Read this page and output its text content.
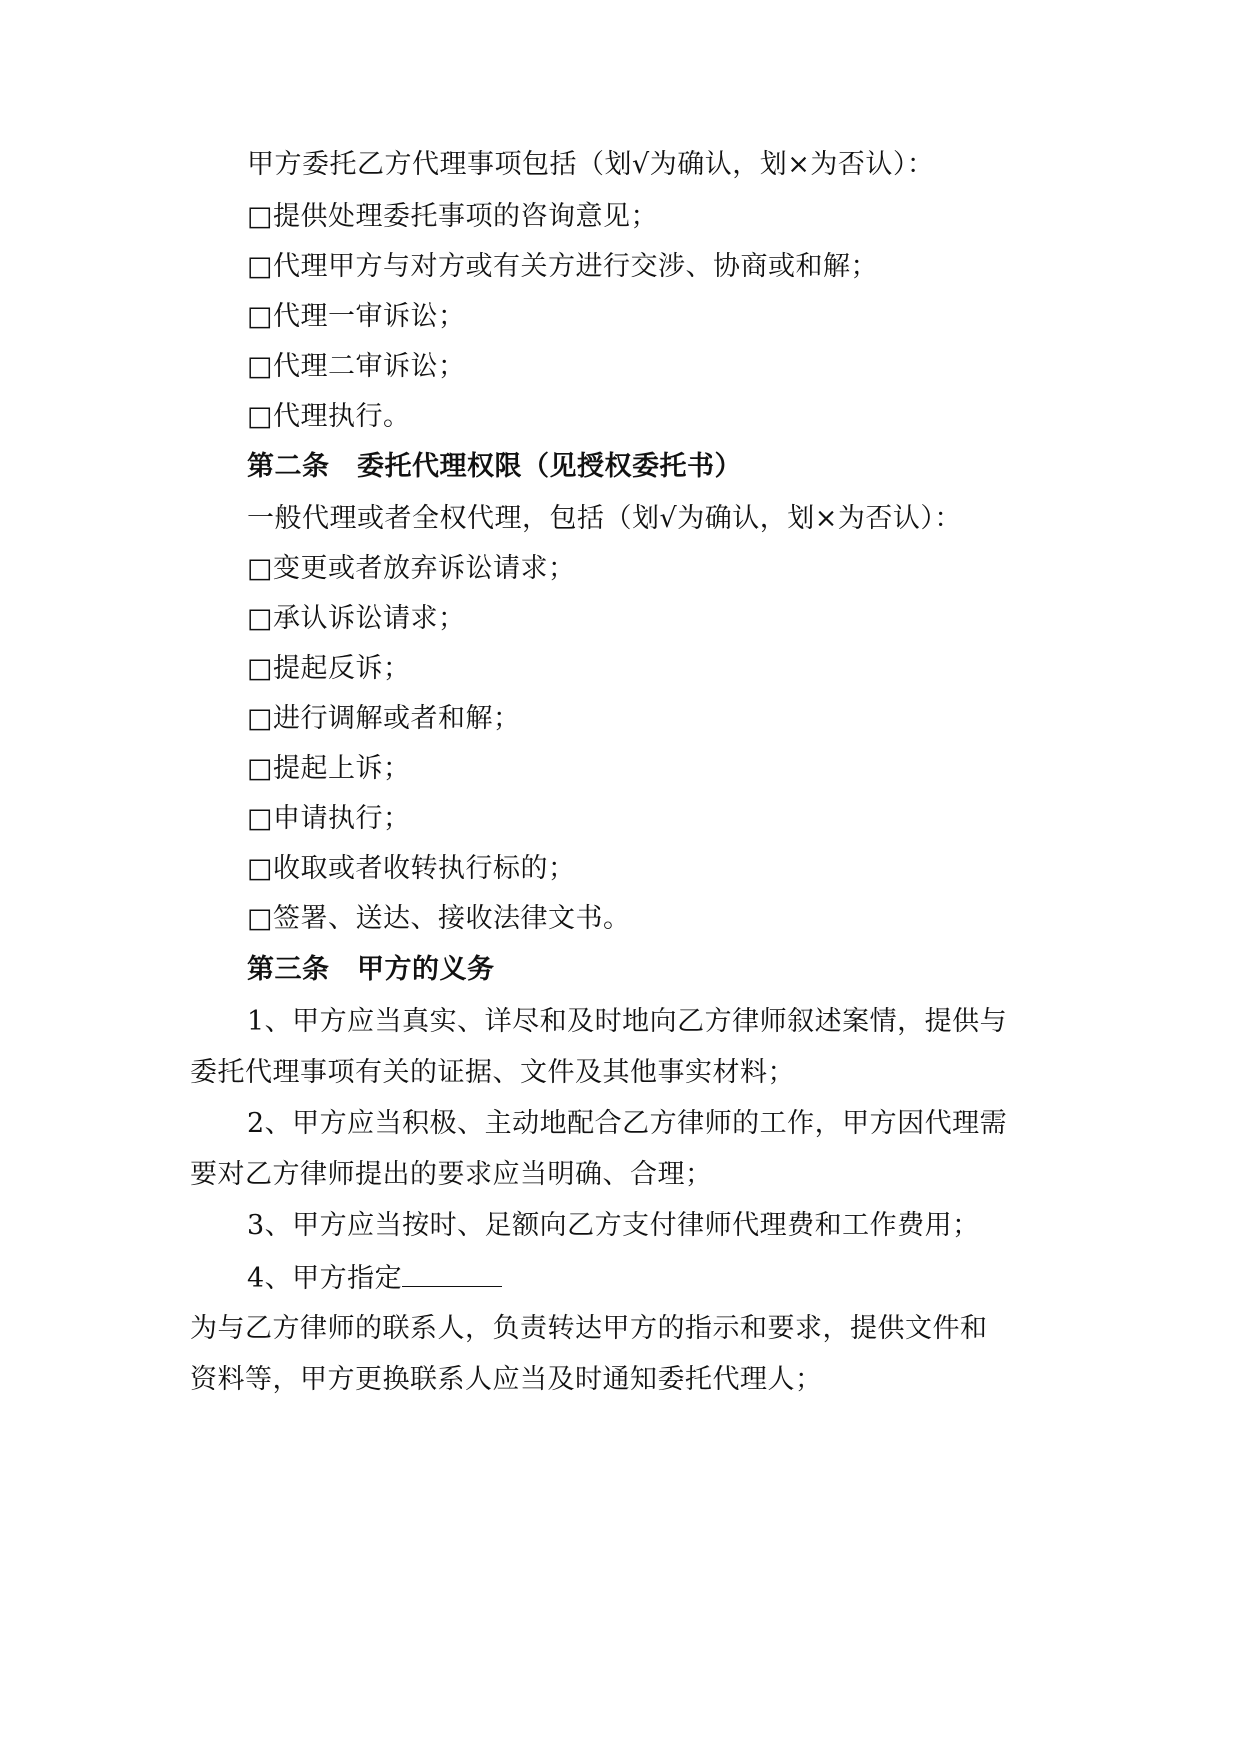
甲方委托乙方代理事项包括（划√为确认，划×为否认）：
□提供处理委托事项的咨询意见；
□代理甲方与对方或有关方进行交涉、协商或和解；
□代理一审诉讼；
□代理二审诉讼；
□代理执行。
第二条　委托代理权限（见授权委托书）
一般代理或者全权代理，包括（划√为确认，划×为否认）：
□变更或者放弃诉讼请求；
□承认诉讼请求；
□提起反诉；
□进行调解或者和解；
□提起上诉；
□申请执行；
□收取或者收转执行标的；
□签署、送达、接收法律文书。
第三条　甲方的义务
1、甲方应当真实、详尽和及时地向乙方律师叙述案情，提供与
委托代理事项有关的证据、文件及其他事实材料；
2、甲方应当积极、主动地配合乙方律师的工作，甲方因代理需
要对乙方律师提出的要求应当明确、合理；
3、甲方应当按时、足额向乙方支付律师代理费和工作费用；
4、甲方指定
为与乙方律师的联系人，负责转达甲方的指示和要求，提供文件和
资料等，甲方更换联系人应当及时通知委托代理人；
